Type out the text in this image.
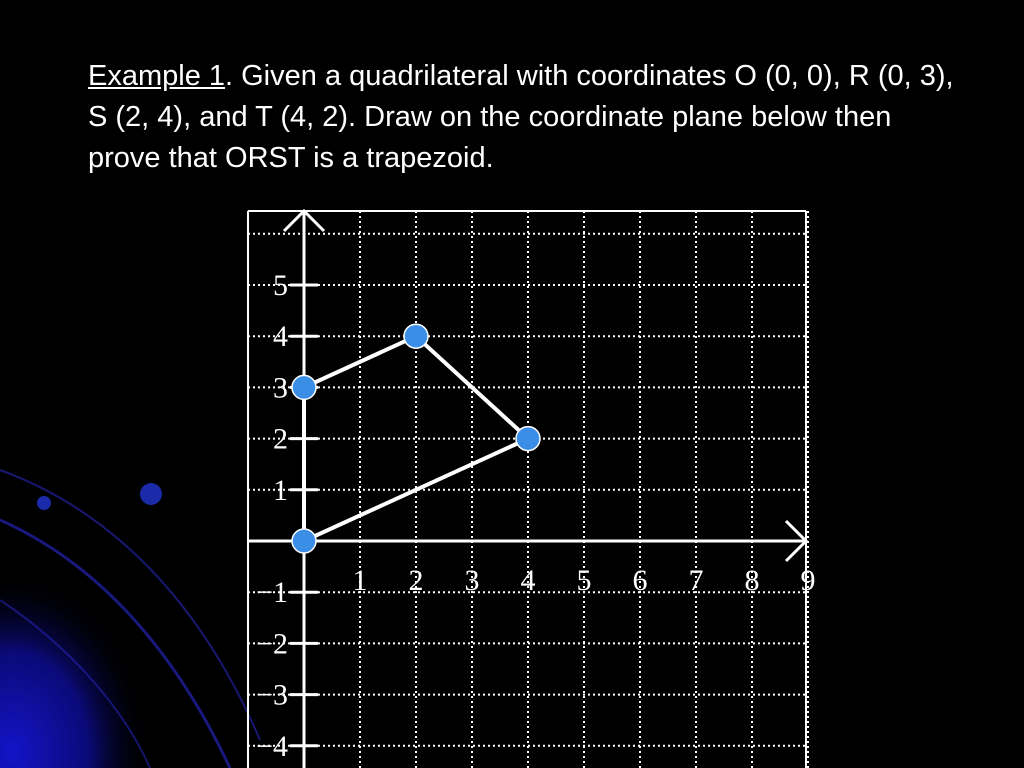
Example 1. Given a quadrilateral with coordinates O (0, 0), R (0, 3), S (2, 4), and T (4, 2). Draw on the coordinate plane below then prove that ORST is a trapezoid.
1 2 3 4 5 6 7 8 9
5
4
3
2
1
−1
−2
−3
−4
